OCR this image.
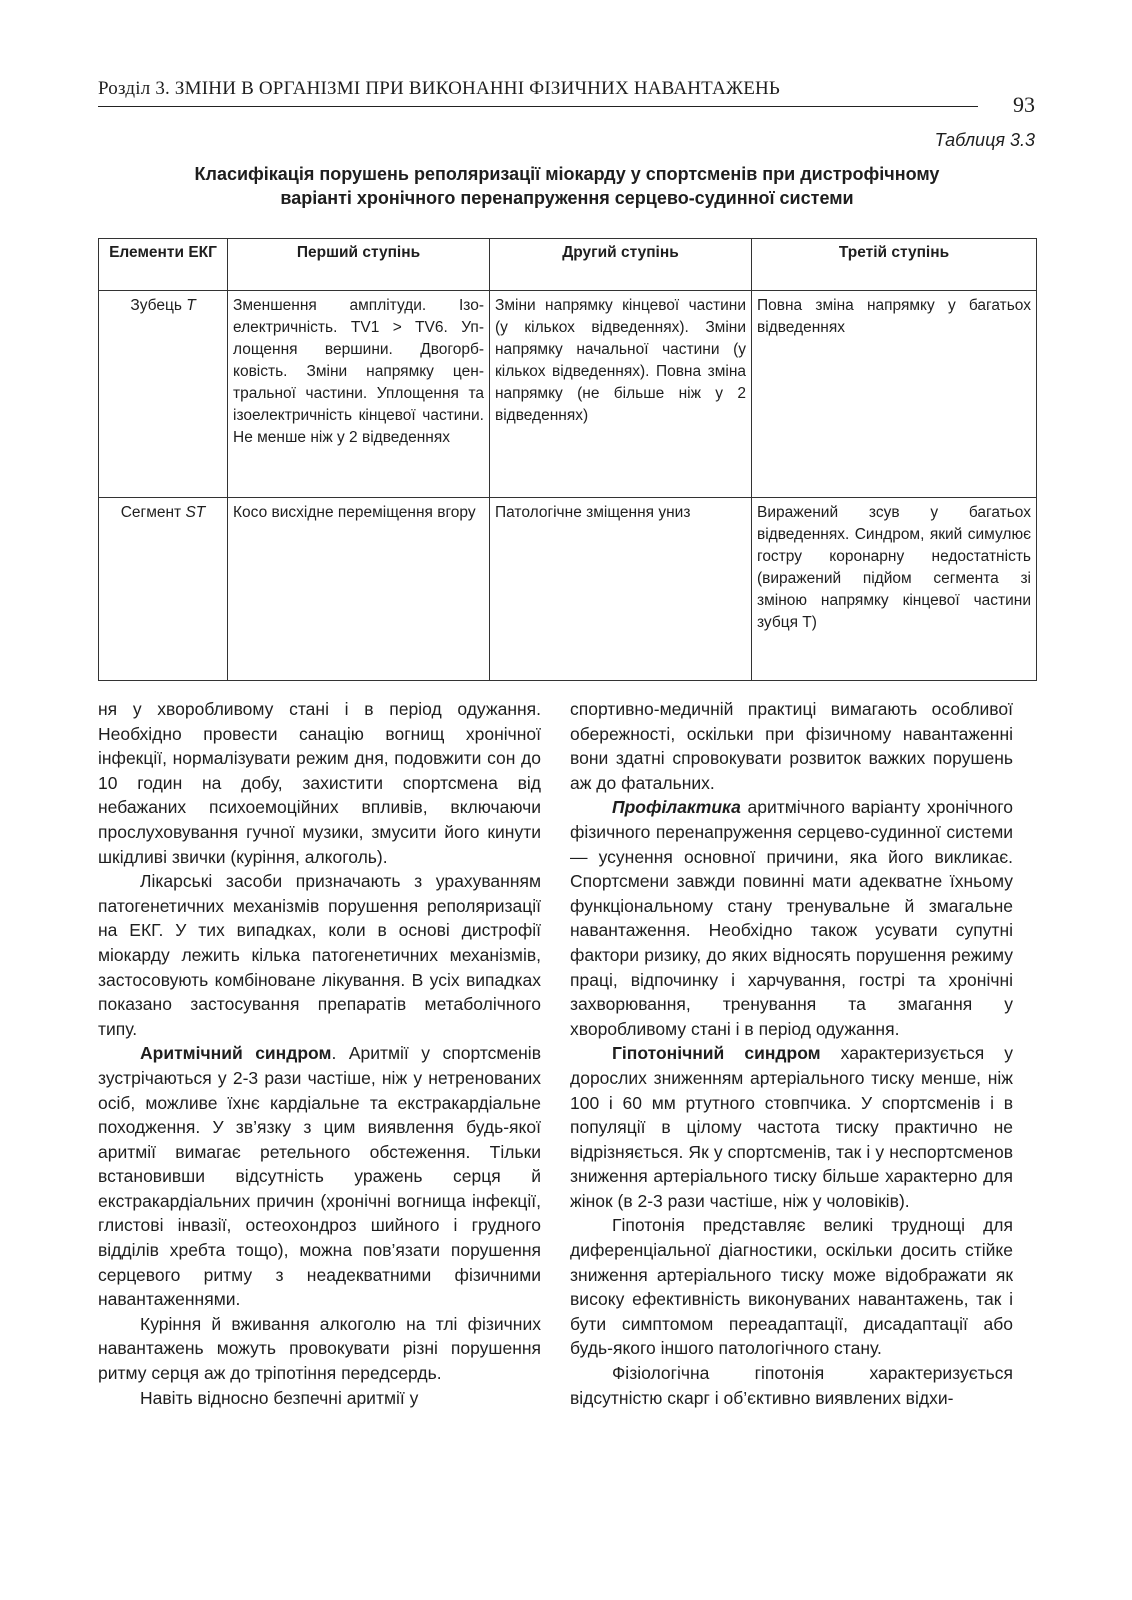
Розділ 3. ЗМІНИ В ОРГАНІЗМІ ПРИ ВИКОНАННІ ФІЗИЧНИХ НАВАНТАЖЕНЬ
93
Таблиця 3.3
Класифікація порушень реполяризації міокарду у спортсменів при дистрофічному
варіанті хронічного перенапруження серцево-судинної системи
Елементи ЕКГ	Перший ступінь	Другий ступінь	Третій ступінь
Зубець T	Зменшення амплітуди. Ізоелектричність. TV1 > TV6. Уплощення вершини. Двогорбковість. Зміни напрямку центральної частини. Уплощення та ізоелектричність кінцевої частини. Не менше ніж у 2 відведеннях	Зміни напрямку кінцевої частини (у кількох відведеннях). Зміни напрямку начальної частини (у кількох відведеннях). Повна зміна напрямку (не більше ніж у 2 відведеннях)	Повна зміна напрямку у багатьох відведеннях
Сегмент ST	Косо висхідне переміщення вгору	Патологічне зміщення униз	Виражений зсув у багатьох відведеннях. Синдром, який симулює гостру коронарну недостатність (виражений підйом сегмента зі зміною напрямку кінцевої частини зубця T)

ня у хворобливому стані і в період одужання. Необхідно провести санацію вогнищ хронічної інфекції, нормалізувати режим дня, подовжити сон до 10 годин на добу, захистити спортсмена від небажаних психоемоційних впливів, включаючи прослуховування гучної музики, змусити його кинути шкідливі звички (куріння, алкоголь).

Лікарські засоби призначають з урахуванням патогенетичних механізмів порушення реполяризації на ЕКГ. У тих випадках, коли в основі дистрофії міокарду лежить кілька патогенетичних механізмів, застосовують комбіноване лікування. В усіх випадках показано застосування препаратів метаболічного типу.

Аритмічний синдром. Аритмії у спортсменів зустрічаються у 2-3 рази частіше, ніж у нетренованих осіб, можливе їхнє кардіальне та екстракардіальне походження. У зв’язку з цим виявлення будь-якої аритмії вимагає ретельного обстеження. Тільки встановивши відсутність уражень серця й екстракардіальних причин (хронічні вогнища інфекції, глистові інвазії, остеохондроз шийного і грудного відділів хребта тощо), можна пов’язати порушення серцевого ритму з неадекватними фізичними навантаженнями.

Куріння й вживання алкоголю на тлі фізичних навантажень можуть провокувати різні порушення ритму серця аж до тріпотіння передсердь.

Навіть відносно безпечні аритмії у

спортивно-медичній практиці вимагають особливої обережності, оскільки при фізичному навантаженні вони здатні спровокувати розвиток важких порушень аж до фатальних.

Профілактика аритмічного варіанту хронічного фізичного перенапруження серцево-судинної системи — усунення основної причини, яка його викликає. Спортсмени завжди повинні мати адекватне їхньому функціональному стану тренувальне й змагальне навантаження. Необхідно також усувати супутні фактори ризику, до яких відносять порушення режиму праці, відпочинку і харчування, гострі та хронічні захворювання, тренування та змагання у хворобливому стані і в період одужання.

Гіпотонічний синдром характеризується у дорослих зниженням артеріального тиску менше, ніж 100 і 60 мм ртутного стовпчика. У спортсменів і в популяції в цілому частота тиску практично не відрізняється. Як у спортсменів, так і у неспортсменов зниження артеріального тиску більше характерно для жінок (в 2-3 рази частіше, ніж у чоловіків).

Гіпотонія представляє великі труднощі для диференціальної діагностики, оскільки досить стійке зниження артеріального тиску може відображати як високу ефективність виконуваних навантажень, так і бути симптомом переадаптації, дисадаптації або будь-якого іншого патологічного стану.

Фізіологічна гіпотонія характеризується відсутністю скарг і об’єктивно виявлених відхи-
